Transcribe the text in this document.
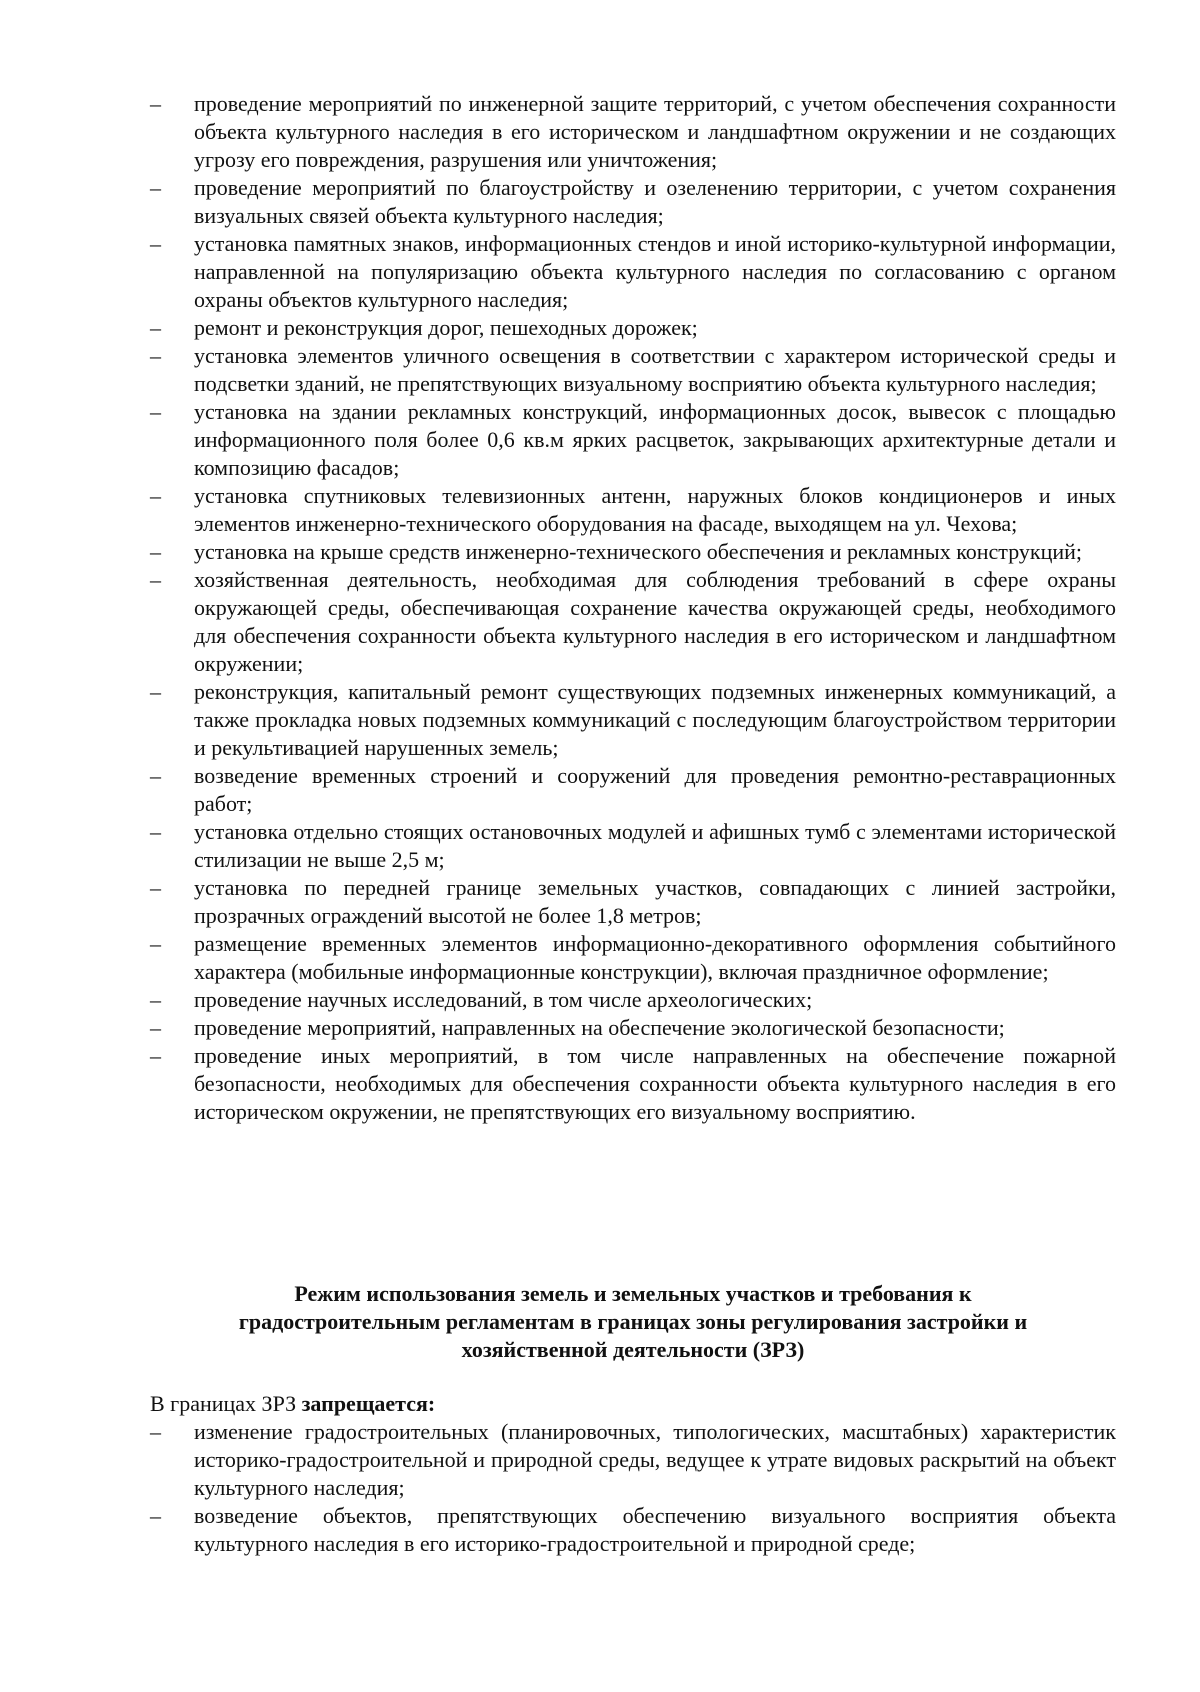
–	проведение мероприятий по инженерной защите территорий, с учетом обеспечения сохранности объекта культурного наследия в его историческом и ландшафтном окружении и не создающих угрозу его повреждения, разрушения или уничтожения;
–	проведение мероприятий по благоустройству и озеленению территории, с учетом сохранения визуальных связей объекта культурного наследия;
–	установка памятных знаков, информационных стендов и иной историко-культурной информации, направленной на популяризацию объекта культурного наследия по согласованию с органом охраны объектов культурного наследия;
–	ремонт и реконструкция дорог, пешеходных дорожек;
–	установка элементов уличного освещения в соответствии с характером исторической среды и подсветки зданий, не препятствующих визуальному восприятию объекта культурного наследия;
–	установка на здании рекламных конструкций, информационных досок, вывесок с площадью информационного поля более 0,6 кв.м ярких расцветок, закрывающих архитектурные детали и композицию фасадов;
–	установка спутниковых телевизионных антенн, наружных блоков кондиционеров и иных элементов инженерно-технического оборудования на фасаде, выходящем на ул. Чехова;
–	установка на крыше средств инженерно-технического обеспечения и рекламных конструкций;
–	хозяйственная деятельность, необходимая для соблюдения требований в сфере охраны окружающей среды, обеспечивающая сохранение качества окружающей среды, необходимого для обеспечения сохранности объекта культурного наследия в его историческом и ландшафтном окружении;
–	реконструкция, капитальный ремонт существующих подземных инженерных коммуникаций, а также прокладка новых подземных коммуникаций с последующим благоустройством территории и рекультивацией нарушенных земель;
–	возведение временных строений и сооружений для проведения ремонтно-реставрационных работ;
–	установка отдельно стоящих остановочных модулей и афишных тумб с элементами исторической стилизации не выше 2,5 м;
–	установка по передней границе земельных участков, совпадающих с линией застройки, прозрачных ограждений высотой не более 1,8 метров;
–	размещение временных элементов информационно-декоративного оформления событийного характера (мобильные информационные конструкции), включая праздничное оформление;
–	проведение научных исследований, в том числе археологических;
–	проведение мероприятий, направленных на обеспечение экологической безопасности;
–	проведение иных мероприятий, в том числе направленных на обеспечение пожарной безопасности, необходимых для обеспечения сохранности объекта культурного наследия в его историческом окружении, не препятствующих его визуальному восприятию.
Режим использования земель и земельных участков и требования к
градостроительным регламентам в границах зоны регулирования застройки и
хозяйственной деятельности (ЗРЗ)
В границах ЗРЗ запрещается:
–	изменение градостроительных (планировочных, типологических, масштабных) характеристик историко-градостроительной и природной среды, ведущее к утрате видовых раскрытий на объект культурного наследия;
–	возведение объектов, препятствующих обеспечению визуального восприятия объекта культурного наследия в его историко-градостроительной и природной среде;
